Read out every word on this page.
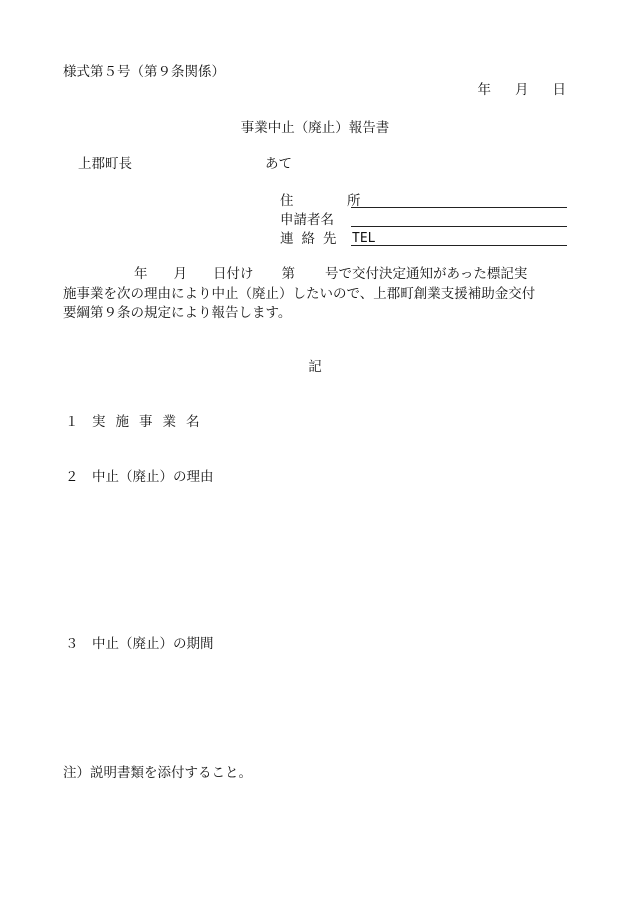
様式第５号（第９条関係）
年 月 日
事業中止（廃止）報告書
上郡町長	あて
住　所
申請者名
連絡先 TEL

年 月 日付け 第 号で交付決定通知があった標記実

施事業を次の理由により中止（廃止）したいので、上郡町創業支援補助金交付

要綱第９条の規定により報告します。

記
１ 実施事業名
２ 中止（廃止）の理由
３ 中止（廃止）の期間
注）説明書類を添付すること。
